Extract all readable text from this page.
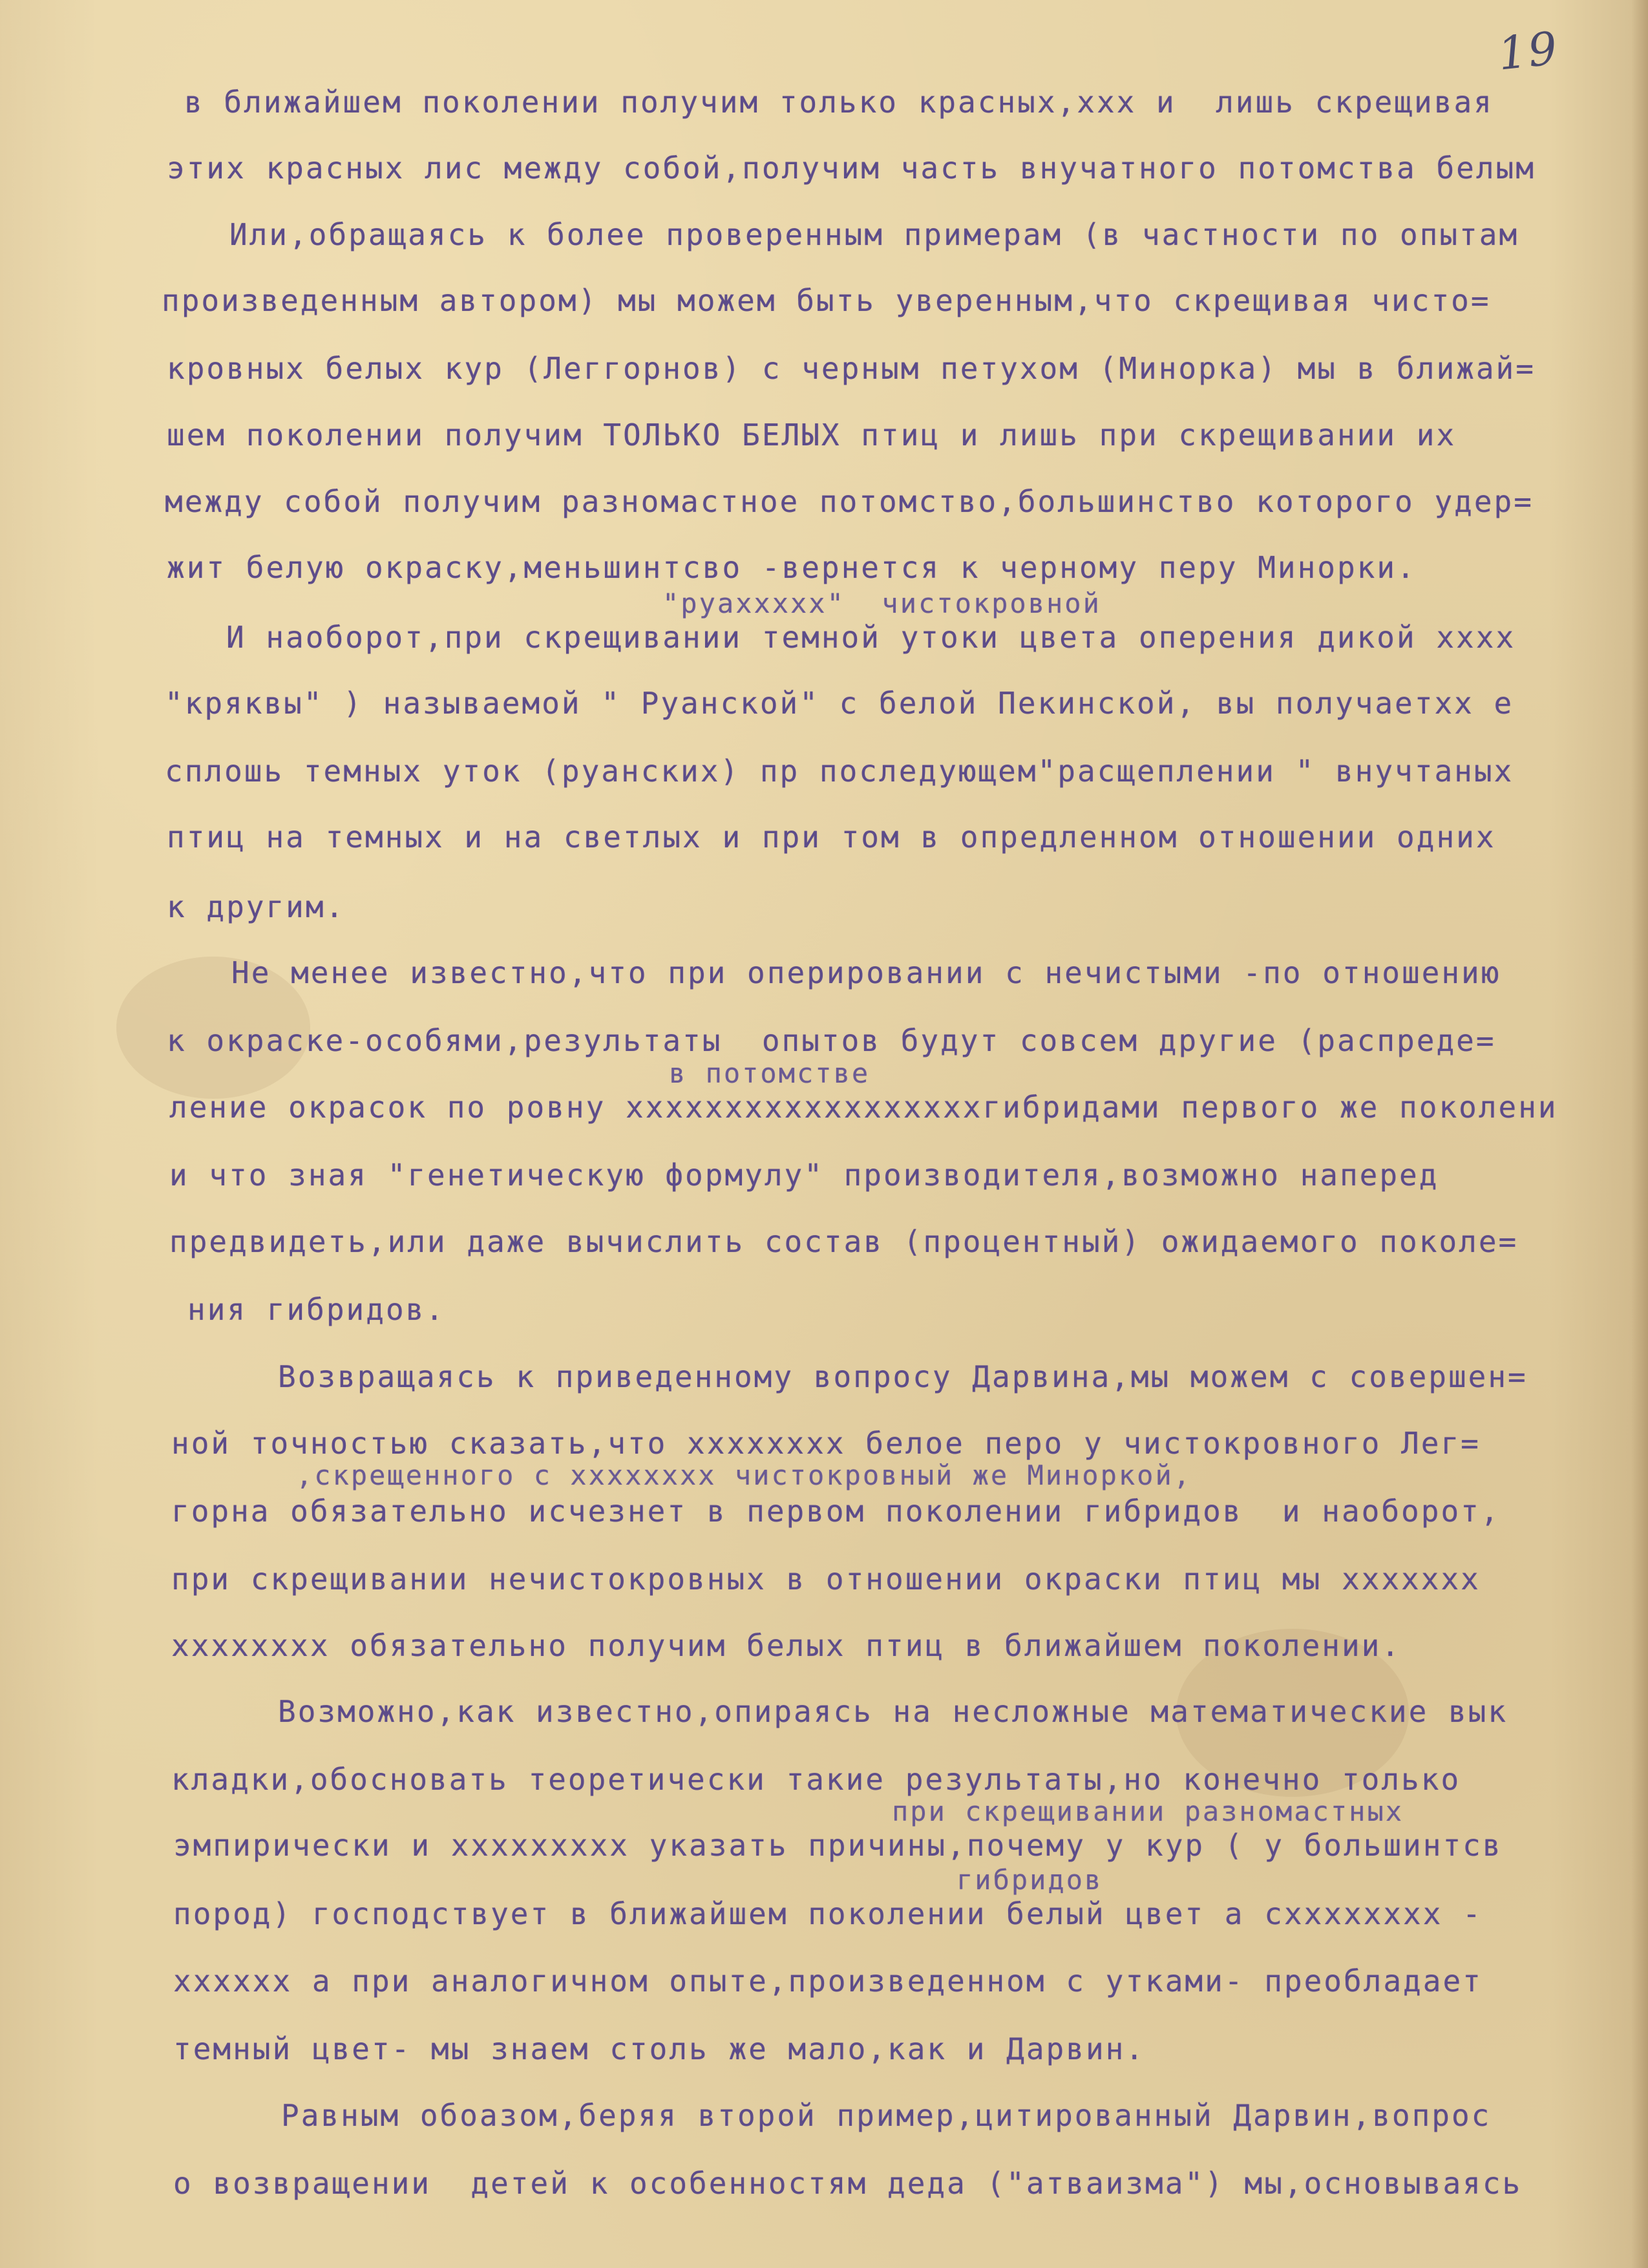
19
в ближайшем поколении получим только красных,xxx и  лишь скрещивая
этих красных лис между собой,получим часть внучатного потомства белым
Или,обращаясь к более проверенным примерам (в частности по опытам
произведенным автором) мы можем быть уверенным,что скрещивая чисто=
кровных белых кур (Леггорнов) с черным петухом (Минорка) мы в ближай=
шем поколении получим ТОЛЬКО БЕЛЫХ птиц и лишь при скрещивании их
между собой получим разномастное потомство,большинство которого удер=
жит белую окраску,меньшинтсво -вернется к черному перу Минорки.
"руаxxxxx"  чистокровной
И наоборот,при скрещивании темной утоки цвета оперения дикой xxxx
"кряквы" ) называемой " Руанской" с белой Пекинской, вы получаетxx е
сплошь темных уток (руанских) пр последующем"расщеплении " внучтаных
птиц на темных и на светлых и при том в опредленном отношении одних
к другим.
Не менее известно,что при оперировании с нечистыми -по отношению
к окраске-особями,результаты  опытов будут совсем другие (распреде=
в потомстве
ление окрасок по ровну xxxxxxxxxxxxxxxxxxгибридами первого же поколени
и что зная "генетическую формулу" производителя,возможно наперед
предвидеть,или даже вычислить состав (процентный) ожидаемого поколе=
ния гибридов.
Возвращаясь к приведенному вопросу Дарвина,мы можем с совершен=
ной точностью сказать,что xxxxxxxx белое перо у чистокровного Лег=
,скрещенного с xxxxxxxx чистокровный же Миноркой,
горна обязательно исчезнет в первом поколении гибридов  и наоборот,
при скрещивании нечистокровных в отношении окраски птиц мы xxxxxxx
xxxxxxxx обязательно получим белых птиц в ближайшем поколении.
Возможно,как известно,опираясь на несложные математические вык
кладки,обосновать теоретически такие результаты,но конечно только
при скрещивании разномастных
эмпирически и xxxxxxxxx указать причины,почему у кур ( у большинтсв
гибридов
пород) господствует в ближайшем поколении белый цвет а сxxxxxxxx -
xxxxxx а при аналогичном опыте,произведенном с утками- преобладает
темный цвет- мы знаем столь же мало,как и Дарвин.
Равным обоазом,беряя второй пример,цитированный Дарвин,вопрос
о возвращении  детей к особенностям деда ("атваизма") мы,основываясь
